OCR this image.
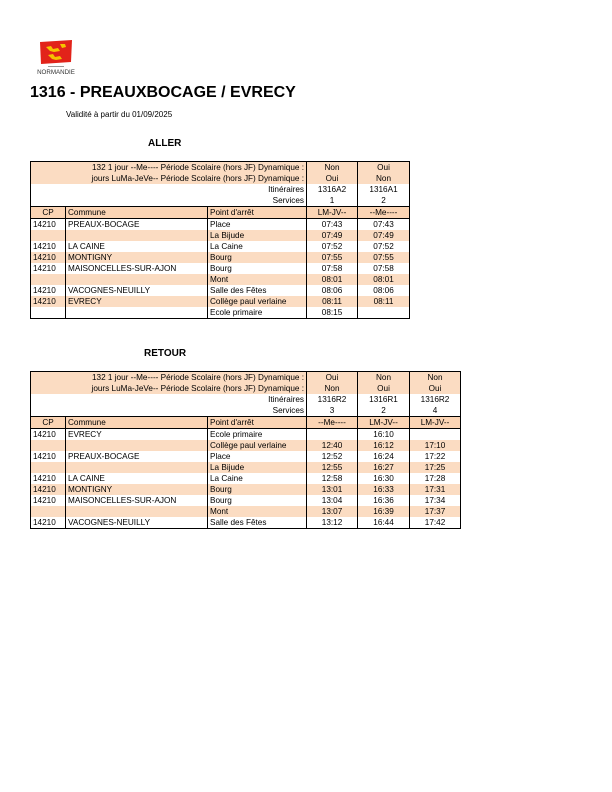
NORMANDIE
1316 - PREAUXBOCAGE / EVRECY
Validité à partir du 01/09/2025
ALLER
132 1 jour --Me---- Période Scolaire (hors JF) Dynamique :			Non	Oui
jours LuMa-JeVe-- Période Scolaire (hors JF) Dynamique :			Oui	Non
Itinéraires			1316A2	1316A1
Services			1	2
CP	Commune	Point d'arrêt	LM-JV--	--Me----
14210	PREAUX-BOCAGE	Place	07:43	07:43
		La Bijude	07:49	07:49
14210	LA CAINE	La Caine	07:52	07:52
14210	MONTIGNY	Bourg	07:55	07:55
14210	MAISONCELLES-SUR-AJON	Bourg	07:58	07:58
		Mont	08:01	08:01
14210	VACOGNES-NEUILLY	Salle des Fêtes	08:06	08:06
14210	EVRECY	Collège paul verlaine	08:11	08:11
		Ecole primaire	08:15	
RETOUR
132 1 jour --Me---- Période Scolaire (hors JF) Dynamique :			Oui	Non	Non
jours LuMa-JeVe-- Période Scolaire (hors JF) Dynamique :			Non	Oui	Oui
Itinéraires			1316R2	1316R1	1316R2
Services			3	2	4
CP	Commune	Point d'arrêt	--Me----	LM-JV--	LM-JV--
14210	EVRECY	Ecole primaire		16:10	
		Collège paul verlaine	12:40	16:12	17:10
14210	PREAUX-BOCAGE	Place	12:52	16:24	17:22
		La Bijude	12:55	16:27	17:25
14210	LA CAINE	La Caine	12:58	16:30	17:28
14210	MONTIGNY	Bourg	13:01	16:33	17:31
14210	MAISONCELLES-SUR-AJON	Bourg	13:04	16:36	17:34
		Mont	13:07	16:39	17:37
14210	VACOGNES-NEUILLY	Salle des Fêtes	13:12	16:44	17:42
